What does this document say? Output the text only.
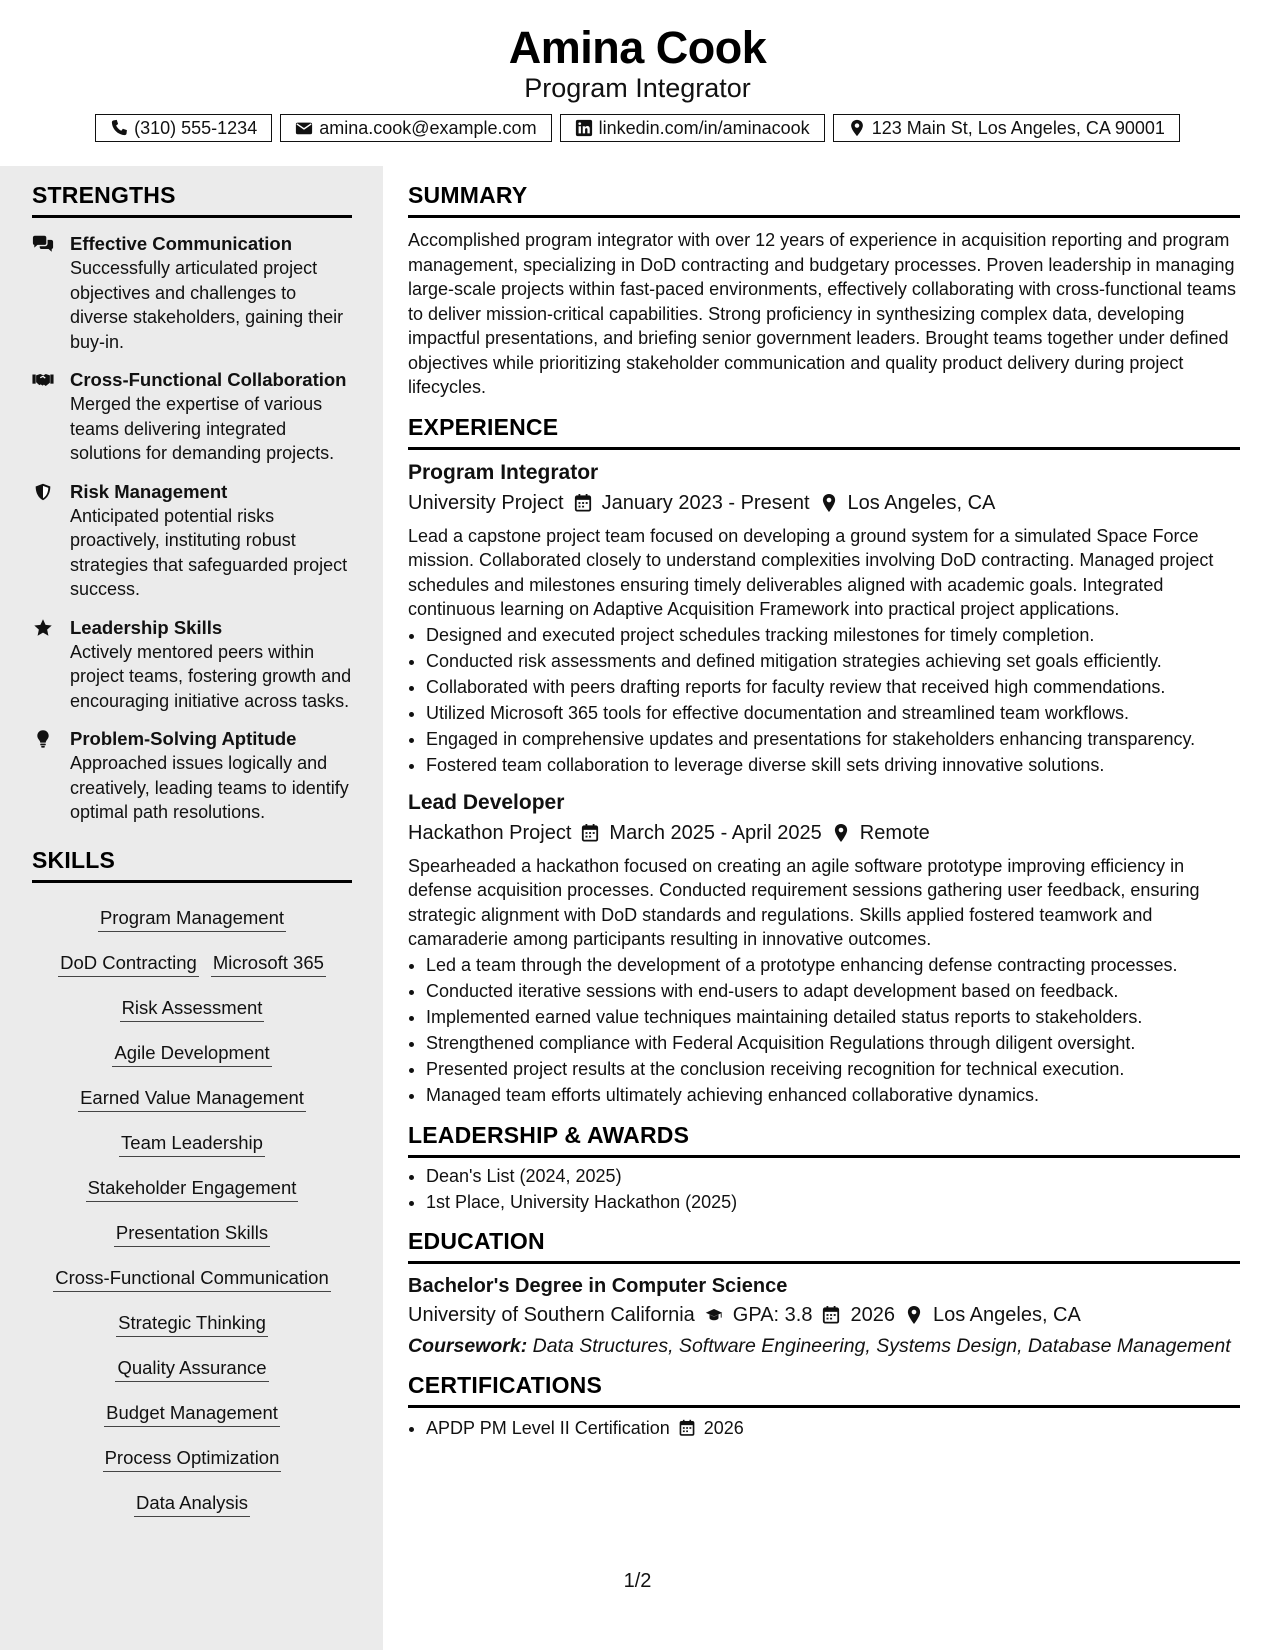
Amina Cook
Program Integrator
(310) 555-1234	amina.cook@example.com	linkedin.com/in/aminacook	123 Main St, Los Angeles, CA 90001
STRENGTHS
Effective Communication
Successfully articulated project objectives and challenges to diverse stakeholders, gaining their buy-in.
Cross-Functional Collaboration
Merged the expertise of various teams delivering integrated solutions for demanding projects.
Risk Management
Anticipated potential risks proactively, instituting robust strategies that safeguarded project success.
Leadership Skills
Actively mentored peers within project teams, fostering growth and encouraging initiative across tasks.
Problem-Solving Aptitude
Approached issues logically and creatively, leading teams to identify optimal path resolutions.
SKILLS
Program Management
DoD Contracting Microsoft 365
Risk Assessment
Agile Development
Earned Value Management
Team Leadership
Stakeholder Engagement
Presentation Skills
Cross-Functional Communication
Strategic Thinking
Quality Assurance
Budget Management
Process Optimization
Data Analysis
SUMMARY
Accomplished program integrator with over 12 years of experience in acquisition reporting and program management, specializing in DoD contracting and budgetary processes. Proven leadership in managing large-scale projects within fast-paced environments, effectively collaborating with cross-functional teams to deliver mission-critical capabilities. Strong proficiency in synthesizing complex data, developing impactful presentations, and briefing senior government leaders. Brought teams together under defined objectives while prioritizing stakeholder communication and quality product delivery during project lifecycles.
EXPERIENCE
Program Integrator
University Project January 2023 - Present Los Angeles, CA
Lead a capstone project team focused on developing a ground system for a simulated Space Force mission. Collaborated closely to understand complexities involving DoD contracting. Managed project schedules and milestones ensuring timely deliverables aligned with academic goals. Integrated continuous learning on Adaptive Acquisition Framework into practical project applications.
• Designed and executed project schedules tracking milestones for timely completion.
• Conducted risk assessments and defined mitigation strategies achieving set goals efficiently.
• Collaborated with peers drafting reports for faculty review that received high commendations.
• Utilized Microsoft 365 tools for effective documentation and streamlined team workflows.
• Engaged in comprehensive updates and presentations for stakeholders enhancing transparency.
• Fostered team collaboration to leverage diverse skill sets driving innovative solutions.
Lead Developer
Hackathon Project March 2025 - April 2025 Remote
Spearheaded a hackathon focused on creating an agile software prototype improving efficiency in defense acquisition processes. Conducted requirement sessions gathering user feedback, ensuring strategic alignment with DoD standards and regulations. Skills applied fostered teamwork and camaraderie among participants resulting in innovative outcomes.
• Led a team through the development of a prototype enhancing defense contracting processes.
• Conducted iterative sessions with end-users to adapt development based on feedback.
• Implemented earned value techniques maintaining detailed status reports to stakeholders.
• Strengthened compliance with Federal Acquisition Regulations through diligent oversight.
• Presented project results at the conclusion receiving recognition for technical execution.
• Managed team efforts ultimately achieving enhanced collaborative dynamics.
LEADERSHIP & AWARDS
• Dean's List (2024, 2025)
• 1st Place, University Hackathon (2025)
EDUCATION
Bachelor's Degree in Computer Science
University of Southern California GPA: 3.8 2026 Los Angeles, CA
Coursework: Data Structures, Software Engineering, Systems Design, Database Management
CERTIFICATIONS
• APDP PM Level II Certification 2026
1/2
